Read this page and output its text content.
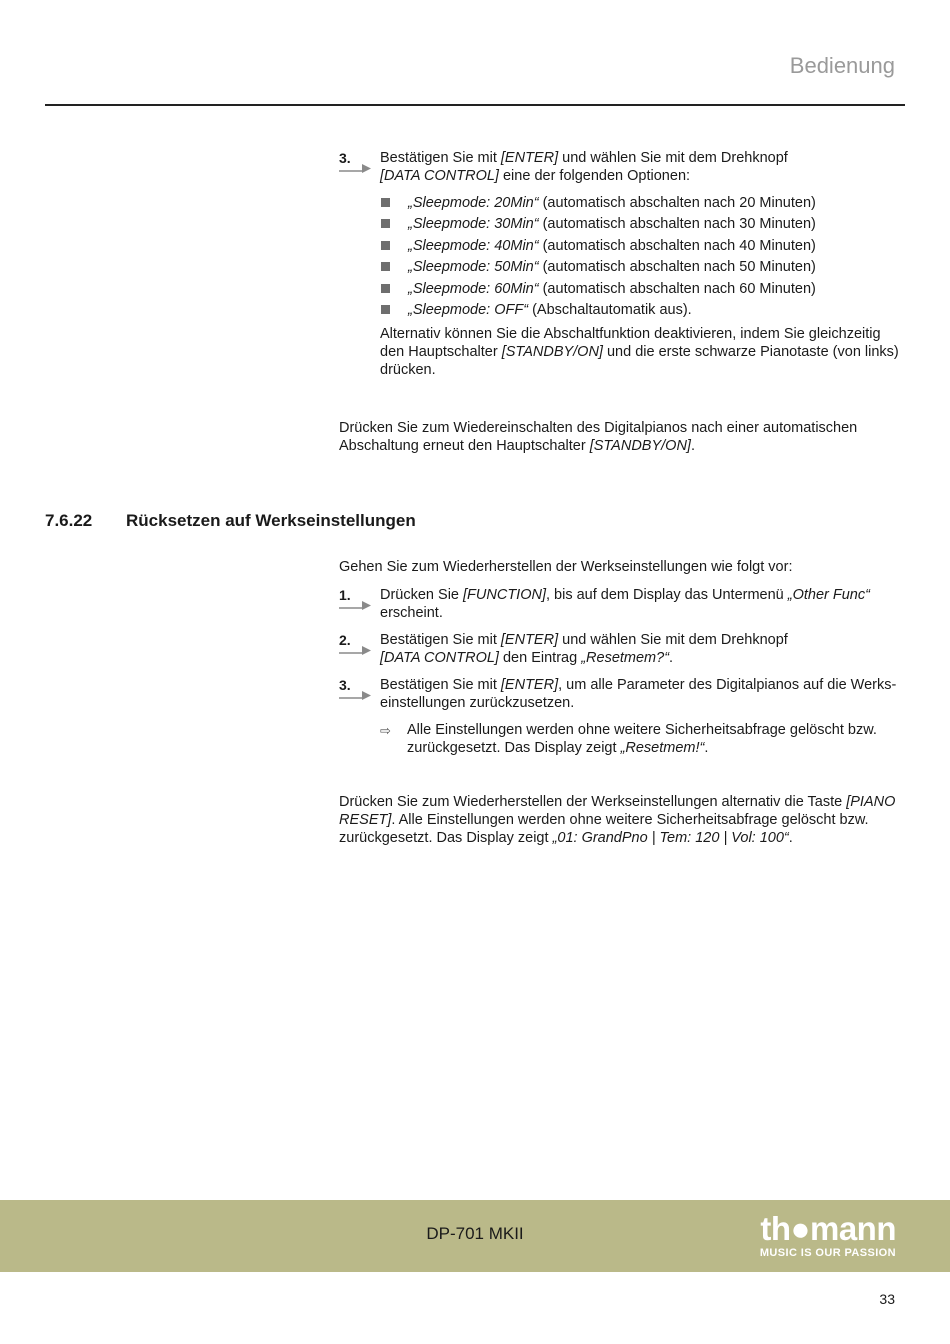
Bedienung
3. Bestätigen Sie mit [ENTER] und wählen Sie mit dem Drehknopf
[DATA CONTROL] eine der folgenden Optionen:

„Sleepmode: 20Min“ (automatisch abschalten nach 20 Minuten)
„Sleepmode: 30Min“ (automatisch abschalten nach 30 Minuten)
„Sleepmode: 40Min“ (automatisch abschalten nach 40 Minuten)
„Sleepmode: 50Min“ (automatisch abschalten nach 50 Minuten)
„Sleepmode: 60Min“ (automatisch abschalten nach 60 Minuten)
„Sleepmode: OFF“ (Abschaltautomatik aus).

Alternativ können Sie die Abschaltfunktion deaktivieren, indem Sie gleichzeitig den Hauptschalter [STANDBY/ON] und die erste schwarze Pianotaste (von links) drücken.

Drücken Sie zum Wiedereinschalten des Digitalpianos nach einer automatischen Abschaltung erneut den Hauptschalter [STANDBY/ON].

7.6.22 Rücksetzen auf Werkseinstellungen

Gehen Sie zum Wiederherstellen der Werkseinstellungen wie folgt vor:

1. Drücken Sie [FUNCTION], bis auf dem Display das Untermenü „Other Func“
erscheint.

2. Bestätigen Sie mit [ENTER] und wählen Sie mit dem Drehknopf
[DATA CONTROL] den Eintrag „Resetmem?“.

3. Bestätigen Sie mit [ENTER], um alle Parameter des Digitalpianos auf die Werkseinstellungen zurückzusetzen.

⇨ Alle Einstellungen werden ohne weitere Sicherheitsabfrage gelöscht bzw. zurückgesetzt. Das Display zeigt „Resetmem!“.

Drücken Sie zum Wiederherstellen der Werkseinstellungen alternativ die Taste [PIANO RESET]. Alle Einstellungen werden ohne weitere Sicherheitsabfrage gelöscht bzw. zurückgesetzt. Das Display zeigt „01: GrandPno | Tem: 120 | Vol: 100“.

DP-701 MKII	th●mann
MUSIC IS OUR PASSION
33
